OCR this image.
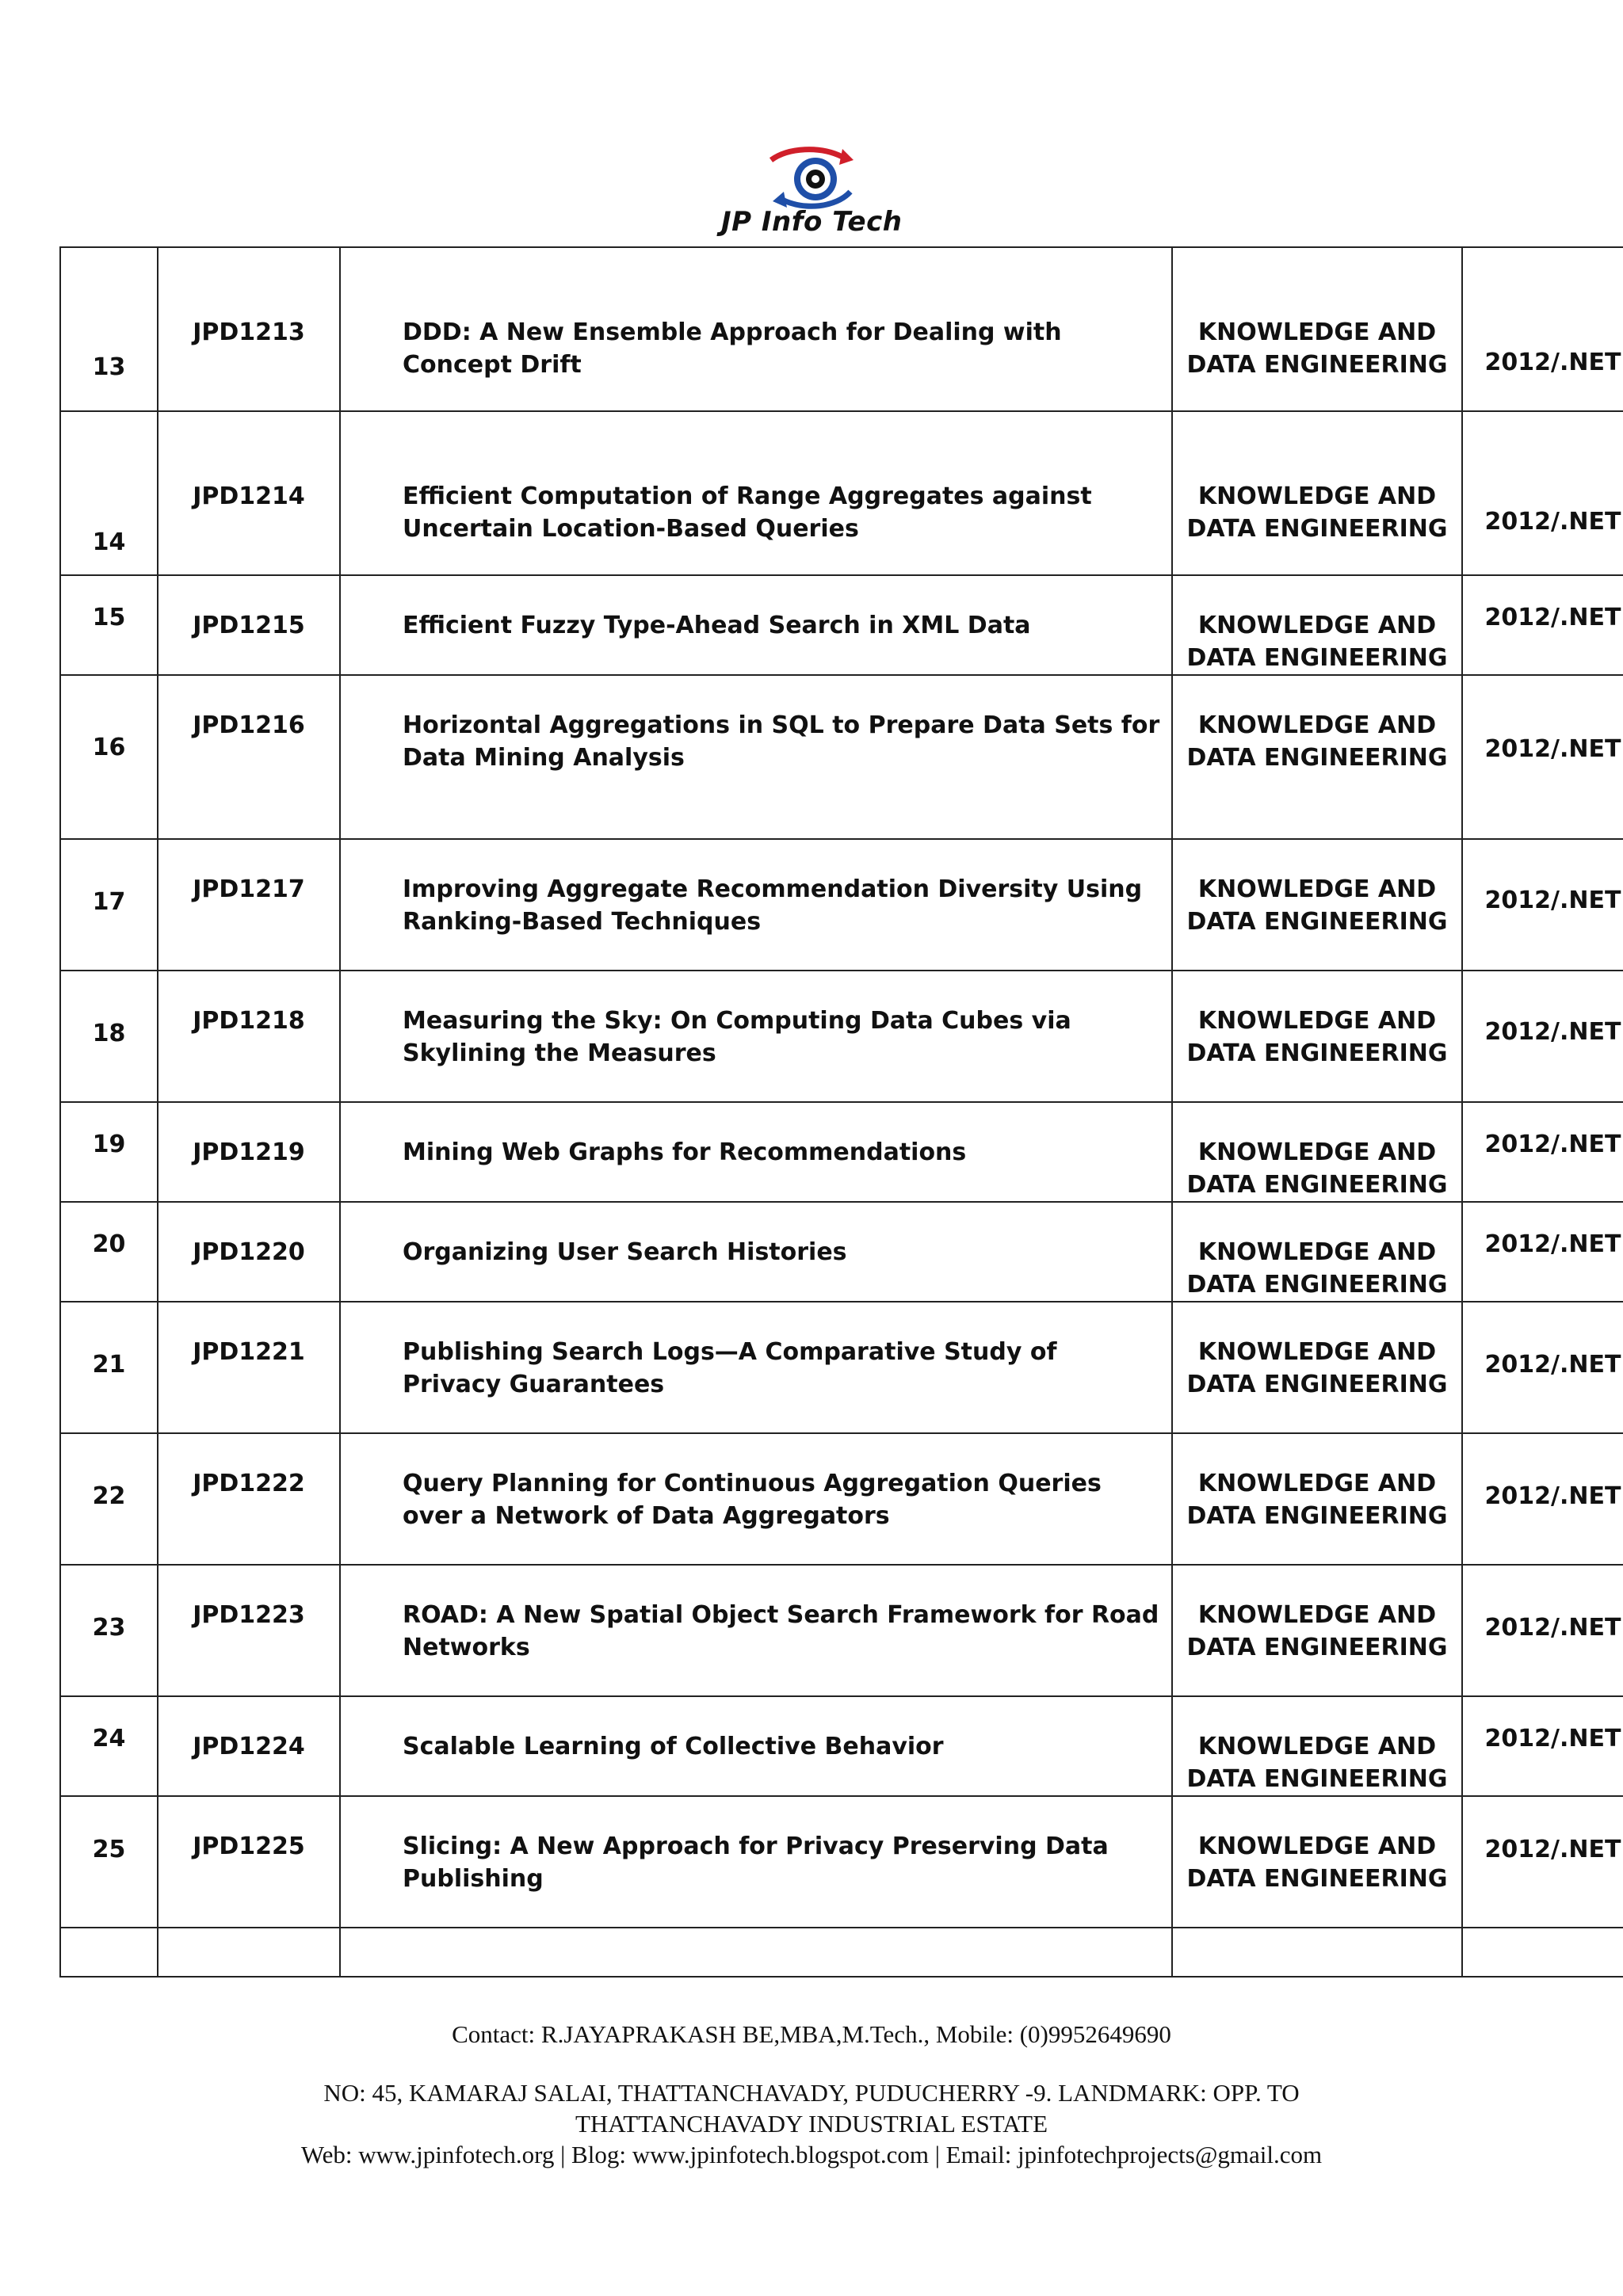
JP Info Tech
13	JPD1213	DDD: A New Ensemble Approach for Dealing with Concept Drift	KNOWLEDGE AND DATA ENGINEERING	2012/.NET
14	JPD1214	Efficient Computation of Range Aggregates against Uncertain Location-Based Queries	KNOWLEDGE AND DATA ENGINEERING	2012/.NET
15	JPD1215	Efficient Fuzzy Type-Ahead Search in XML Data	KNOWLEDGE AND DATA ENGINEERING	2012/.NET
16	JPD1216	Horizontal Aggregations in SQL to Prepare Data Sets for Data Mining Analysis	KNOWLEDGE AND DATA ENGINEERING	2012/.NET
17	JPD1217	Improving Aggregate Recommendation Diversity Using Ranking-Based Techniques	KNOWLEDGE AND DATA ENGINEERING	2012/.NET
18	JPD1218	Measuring the Sky: On Computing Data Cubes via Skylining the Measures	KNOWLEDGE AND DATA ENGINEERING	2012/.NET
19	JPD1219	Mining Web Graphs for Recommendations	KNOWLEDGE AND DATA ENGINEERING	2012/.NET
20	JPD1220	Organizing User Search Histories	KNOWLEDGE AND DATA ENGINEERING	2012/.NET
21	JPD1221	Publishing Search Logs—A Comparative Study of Privacy Guarantees	KNOWLEDGE AND DATA ENGINEERING	2012/.NET
22	JPD1222	Query Planning for Continuous Aggregation Queries over a Network of Data Aggregators	KNOWLEDGE AND DATA ENGINEERING	2012/.NET
23	JPD1223	ROAD: A New Spatial Object Search Framework for Road Networks	KNOWLEDGE AND DATA ENGINEERING	2012/.NET
24	JPD1224	Scalable Learning of Collective Behavior	KNOWLEDGE AND DATA ENGINEERING	2012/.NET
25	JPD1225	Slicing: A New Approach for Privacy Preserving Data Publishing	KNOWLEDGE AND DATA ENGINEERING	2012/.NET

Contact: R.JAYAPRAKASH BE,MBA,M.Tech., Mobile: (0)9952649690
NO: 45, KAMARAJ SALAI, THATTANCHAVADY, PUDUCHERRY -9. LANDMARK: OPP. TO
THATTANCHAVADY INDUSTRIAL ESTATE
Web: www.jpinfotech.org | Blog: www.jpinfotech.blogspot.com | Email: jpinfotechprojects@gmail.com
